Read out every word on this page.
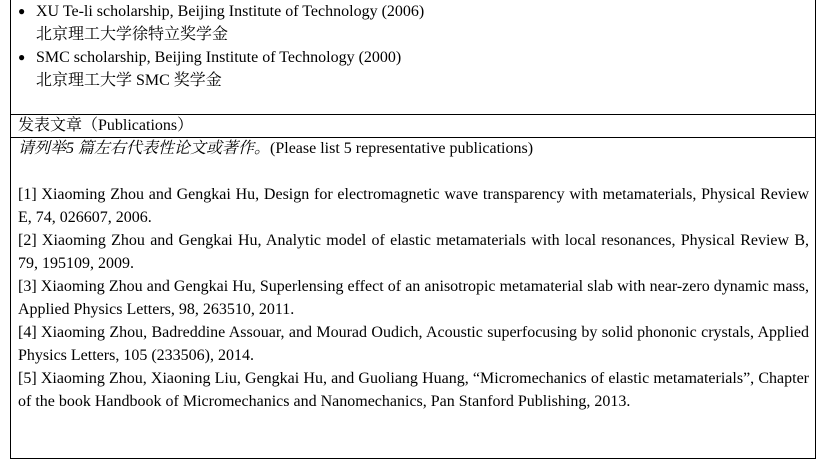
● XU Te-li scholarship, Beijing Institute of Technology (2006)
北京理工大学徐特立奖学金
● SMC scholarship, Beijing Institute of Technology (2000)
北京理工大学 SMC 奖学金
发表文章（Publications）
请列举5 篇左右代表性论文或著作。(Please list 5 representative publications)
[1] Xiaoming Zhou and Gengkai Hu, Design for electromagnetic wave transparency with metamaterials, Physical Review E, 74, 026607, 2006.
[2] Xiaoming Zhou and Gengkai Hu, Analytic model of elastic metamaterials with local resonances, Physical Review B, 79, 195109, 2009.
[3] Xiaoming Zhou and Gengkai Hu, Superlensing effect of an anisotropic metamaterial slab with near-zero dynamic mass, Applied Physics Letters, 98, 263510, 2011.
[4] Xiaoming Zhou, Badreddine Assouar, and Mourad Oudich, Acoustic superfocusing by solid phononic crystals, Applied Physics Letters, 105 (233506), 2014.
[5] Xiaoming Zhou, Xiaoning Liu, Gengkai Hu, and Guoliang Huang, “Micromechanics of elastic metamaterials”, Chapter of the book Handbook of Micromechanics and Nanomechanics, Pan Stanford Publishing, 2013.
